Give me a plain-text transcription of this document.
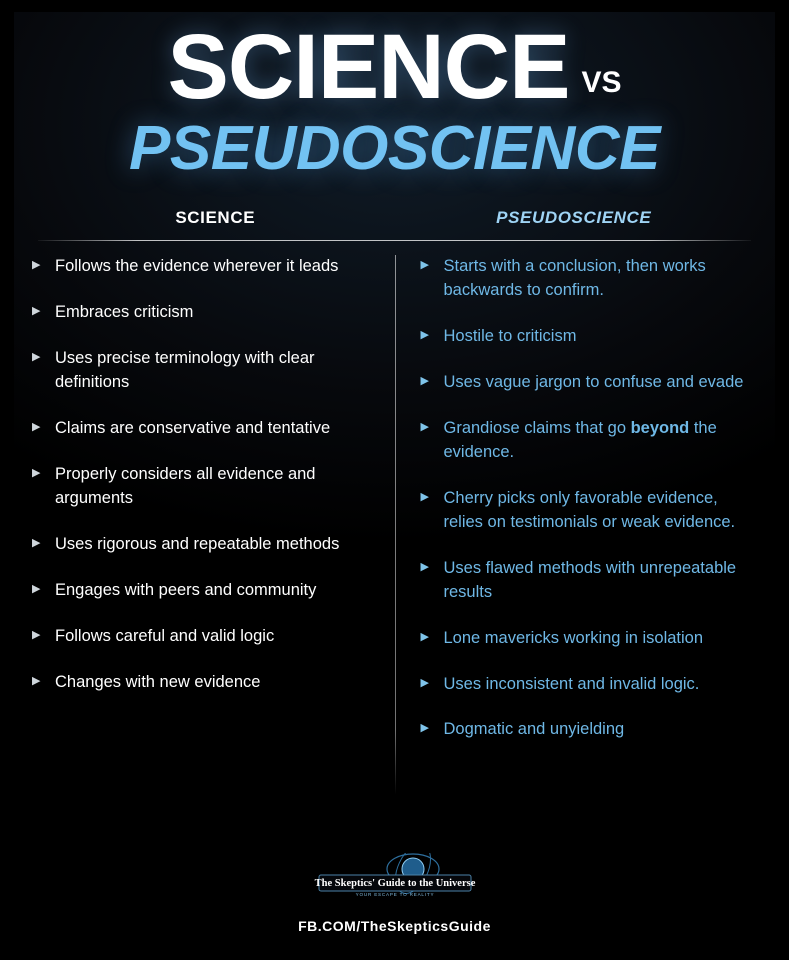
SCIENCE VS
PSEUDOSCIENCE
SCIENCE	PSEUDOSCIENCE
▶ Follows the evidence wherever it leads
▶ Embraces criticism
▶ Uses precise terminology with clear definitions
▶ Claims are conservative and tentative
▶ Properly considers all evidence and arguments
▶ Uses rigorous and repeatable methods
▶ Engages with peers and community
▶ Follows careful and valid logic
▶ Changes with new evidence
▶ Starts with a conclusion, then works backwards to confirm.
▶ Hostile to criticism
▶ Uses vague jargon to confuse and evade
▶ Grandiose claims that go beyond the evidence.
▶ Cherry picks only favorable evidence, relies on testimonials or weak evidence.
▶ Uses flawed methods with unrepeatable results
▶ Lone mavericks working in isolation
▶ Uses inconsistent and invalid logic.
▶ Dogmatic and unyielding
The Skeptics' Guide to the Universe
YOUR ESCAPE TO REALITY
FB.COM/TheSkepticsGuide
